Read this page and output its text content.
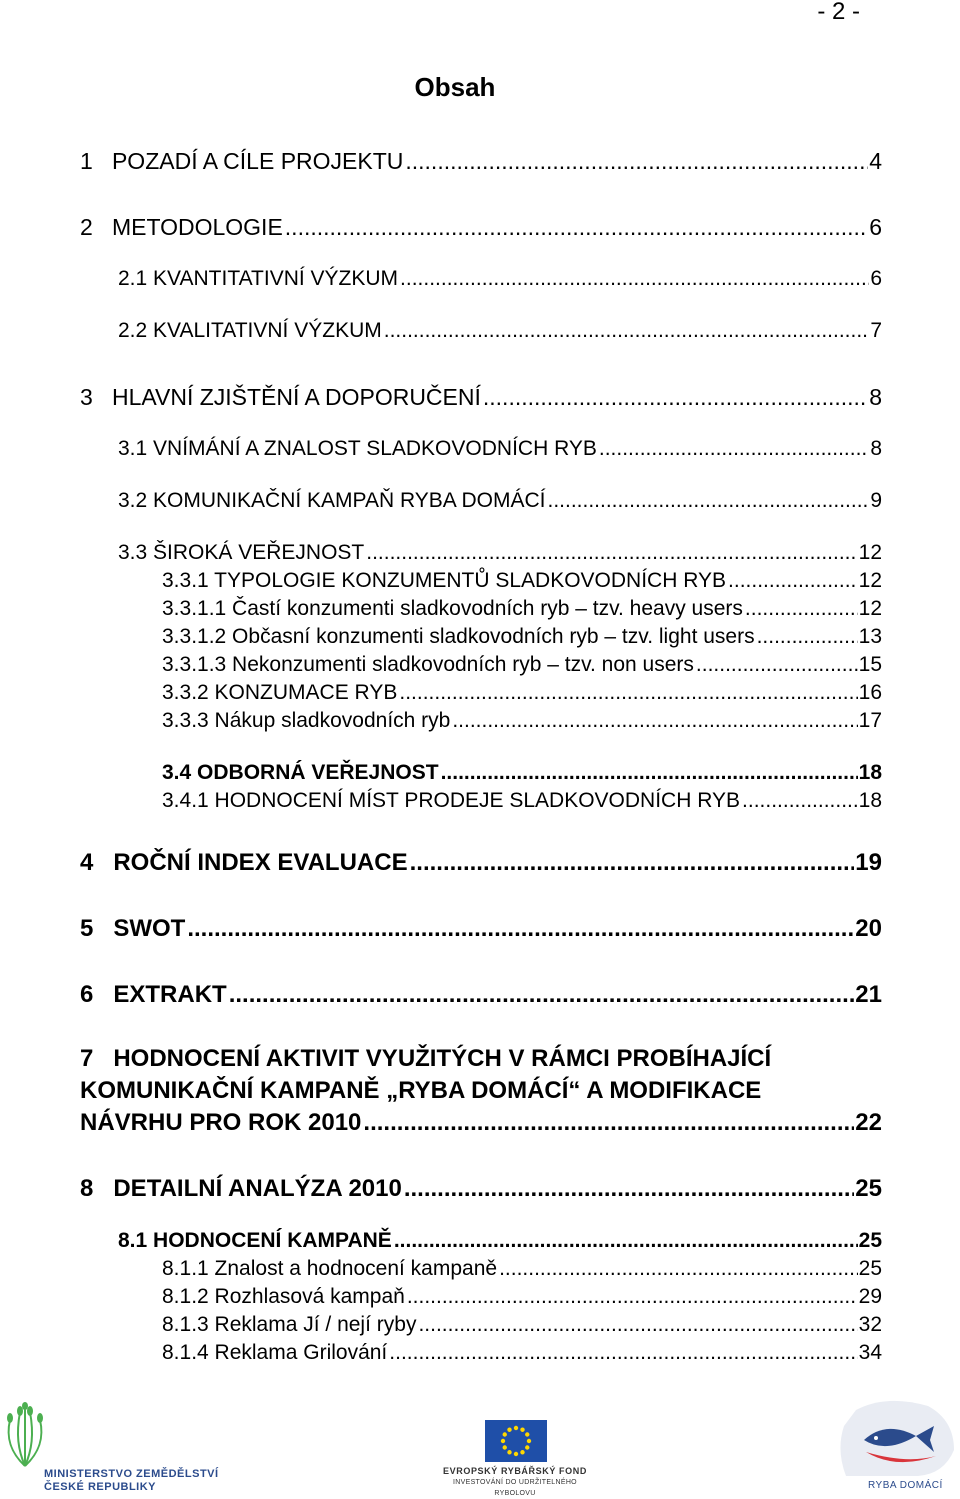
- 2 -
Obsah
1   POZADÍ A CÍLE PROJEKTU .....	4
2   METODOLOGIE .....	6
2.1 KVANTITATIVNÍ VÝZKUM .....	6
2.2 KVALITATIVNÍ VÝZKUM .....	7
3   HLAVNÍ ZJIŠTĚNÍ A DOPORUČENÍ .....	8
3.1 VNÍMÁNÍ A ZNALOST SLADKOVODNÍCH RYB .....	8
3.2 KOMUNIKAČNÍ KAMPAŇ RYBA DOMÁCÍ .....	9
3.3 ŠIROKÁ VEŘEJNOST .....	12
3.3.1 TYPOLOGIE KONZUMENTŮ SLADKOVODNÍCH RYB .....	12
3.3.1.1 Častí konzumenti sladkovodních ryb – tzv. heavy users .....	12
3.3.1.2 Občasní konzumenti sladkovodních ryb – tzv. light users .....	13
3.3.1.3 Nekonzumenti sladkovodních ryb – tzv. non users .....	15
3.3.2 KONZUMACE RYB .....	16
3.3.3 Nákup sladkovodních ryb .....	17
3.4 ODBORNÁ VEŘEJNOST .....	18
3.4.1 HODNOCENÍ MÍST PRODEJE SLADKOVODNÍCH RYB .....	18
4   ROČNÍ INDEX EVALUACE .....	19
5   SWOT .....	20
6   EXTRAKT .....	21
7   HODNOCENÍ AKTIVIT VYUŽITÝCH V RÁMCI PROBÍHAJÍCÍ
KOMUNIKAČNÍ KAMPANĚ „RYBA DOMÁCÍ“ A MODIFIKACE
NÁVRHU PRO ROK 2010 .....	22
8   DETAILNÍ ANALÝZA 2010 .....	25
8.1 HODNOCENÍ KAMPANĚ .....	25
8.1.1 Znalost a hodnocení kampaně .....	25
8.1.2 Rozhlasová kampaň .....	29
8.1.3 Reklama Jí / nejí ryby .....	32
8.1.4 Reklama Grilování .....	34
MINISTERSTVO ZEMĚDĚLSTVÍ
ČESKÉ REPUBLIKY
EVROPSKÝ RYBÁŘSKÝ FOND
INVESTOVÁNÍ DO UDRŽITELNÉHO
RYBOLOVU
RYBA DOMÁCÍ
